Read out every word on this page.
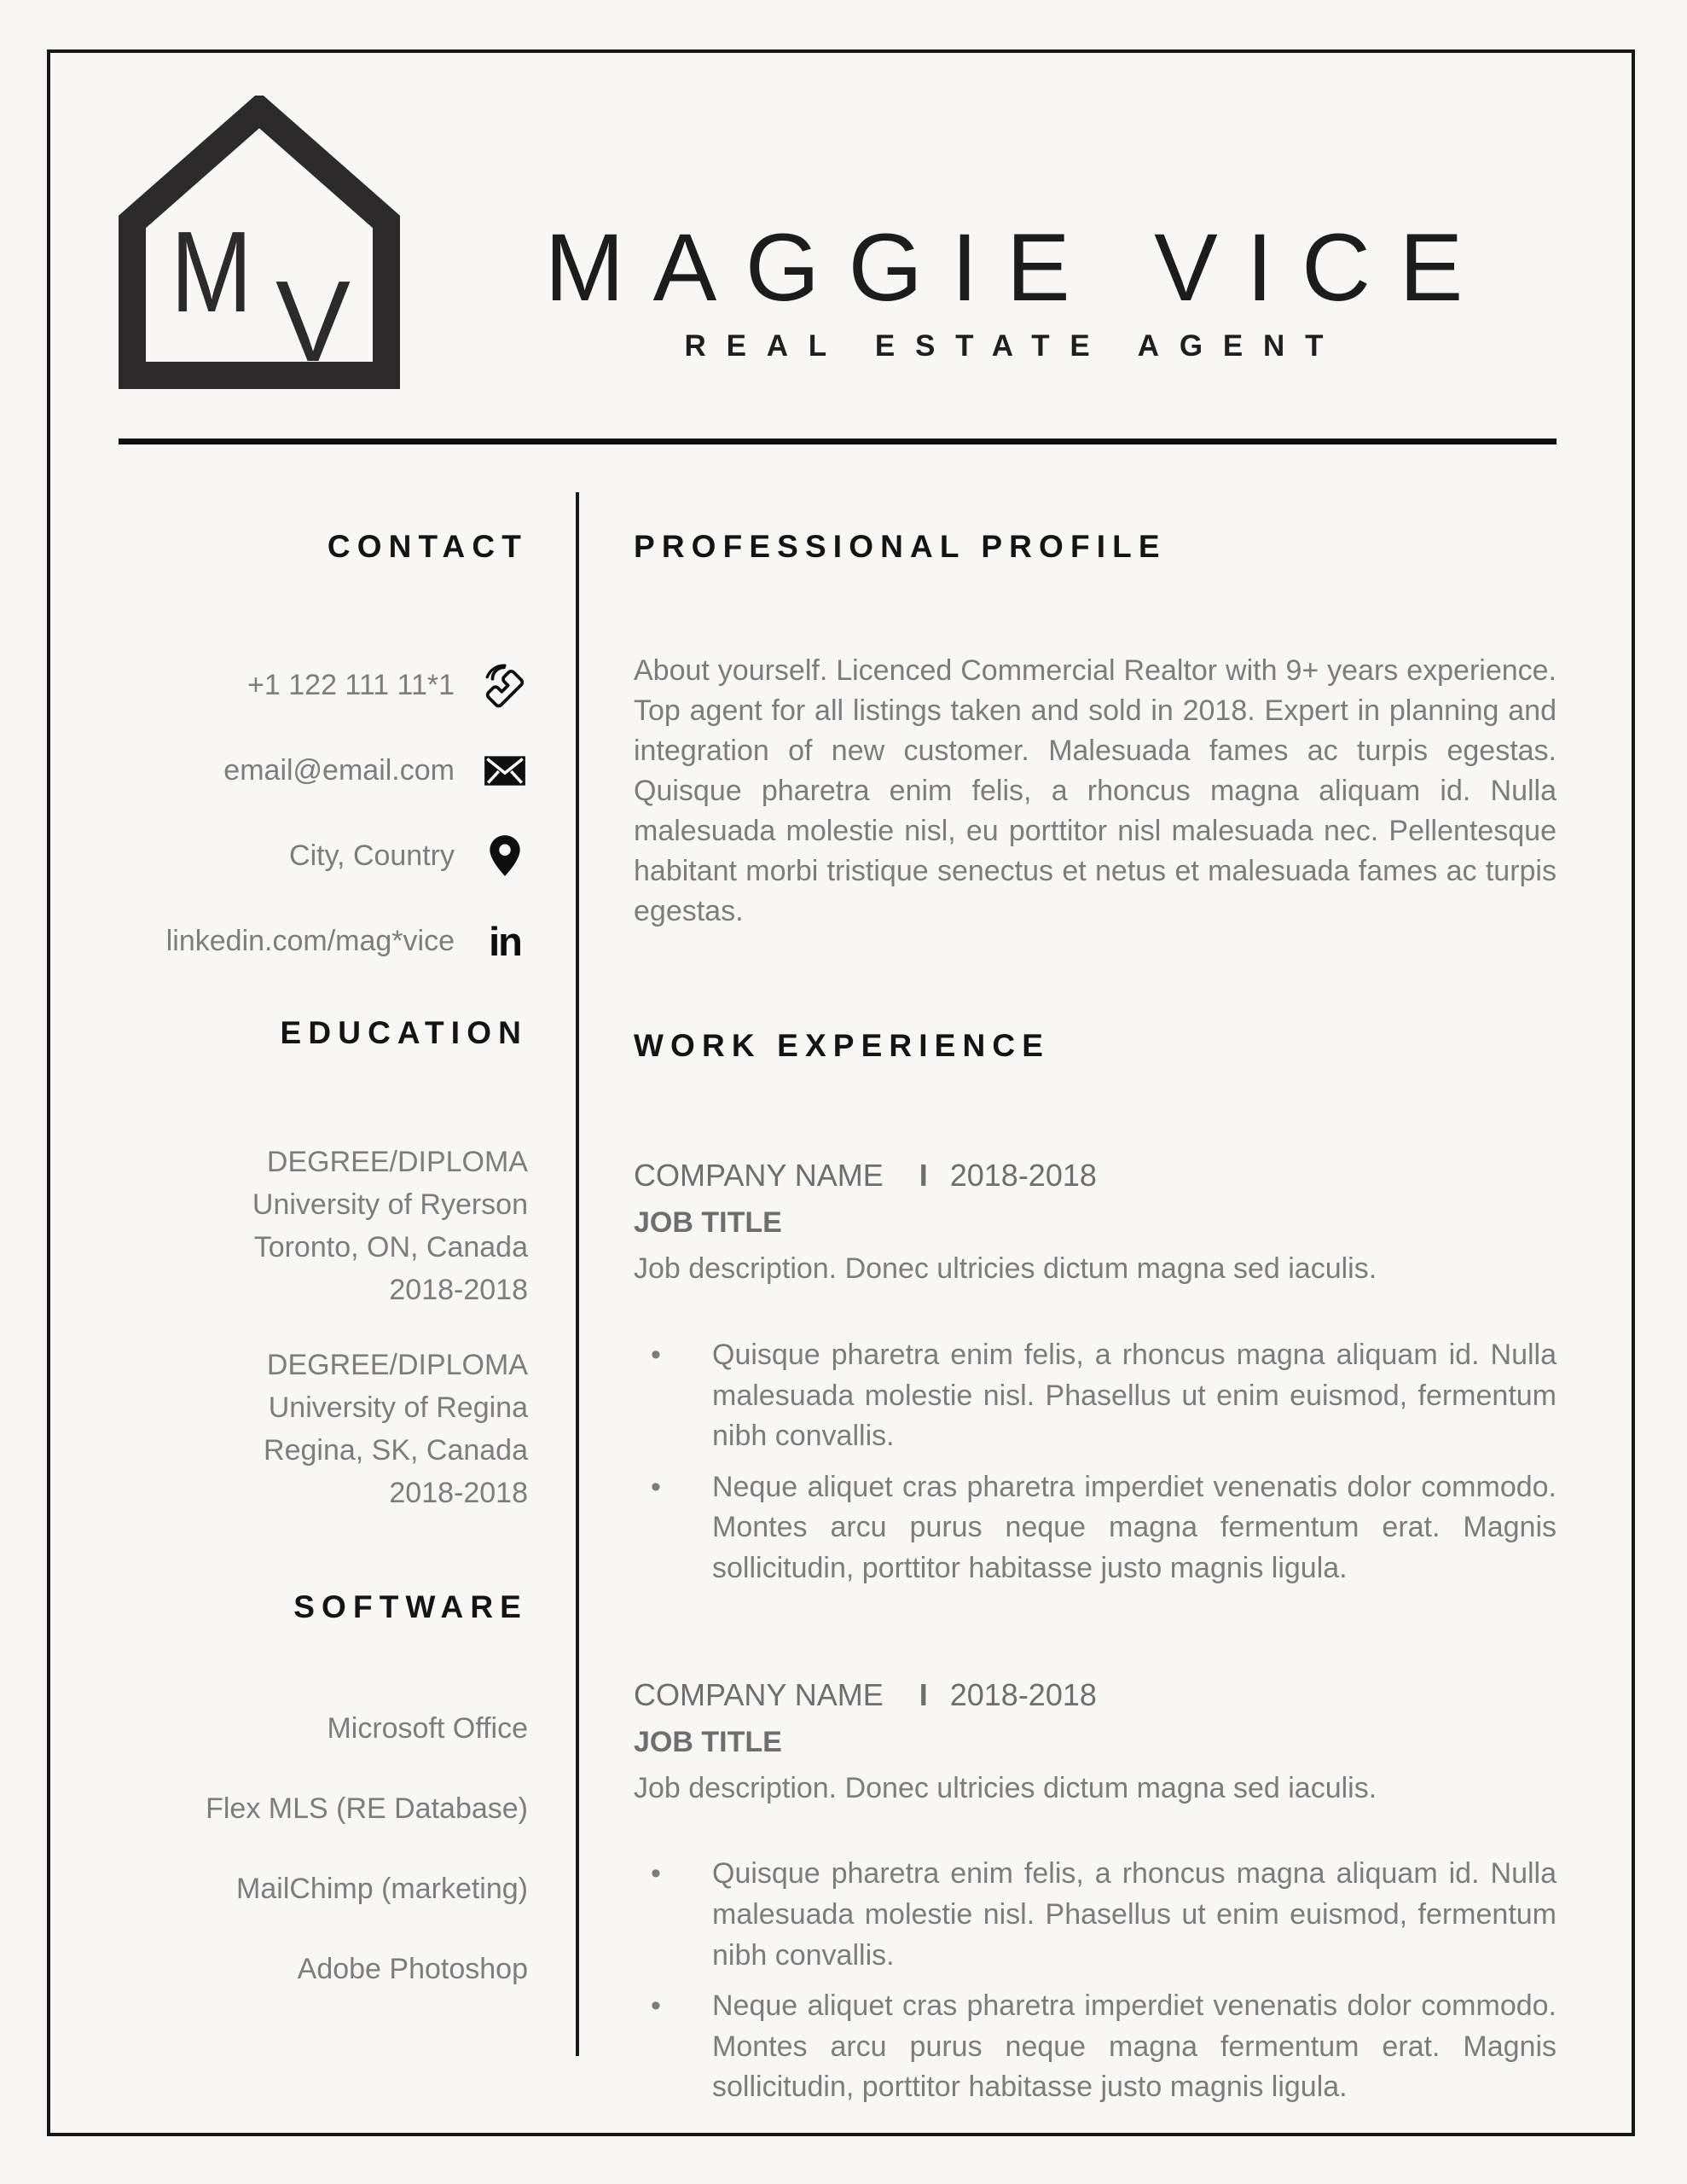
M V	MAGGIE VICE
REAL ESTATE AGENT
CONTACT
+1 122 111 11*1
email@email.com
City, Country
linkedin.com/mag*vice in
EDUCATION
DEGREE/DIPLOMA
University of Ryerson
Toronto, ON, Canada
2018-2018
DEGREE/DIPLOMA
University of Regina
Regina, SK, Canada
2018-2018
SOFTWARE
Microsoft Office
Flex MLS (RE Database)
MailChimp (marketing)
Adobe Photoshop
PROFESSIONAL PROFILE

About yourself. Licenced Commercial Realtor with 9+ years experience. Top agent for all listings taken and sold in 2018. Expert in planning and integration of new customer. Malesuada fames ac turpis egestas. Quisque pharetra enim felis, a rhoncus magna aliquam id. Nulla malesuada molestie nisl, eu porttitor nisl malesuada nec. Pellentesque habitant morbi tristique senectus et netus et malesuada fames ac turpis egestas.

WORK EXPERIENCE
COMPANY NAME I 2018-2018
JOB TITLE
Job description. Donec ultricies dictum magna sed iaculis.
• Quisque pharetra enim felis, a rhoncus magna aliquam id. Nulla malesuada molestie nisl. Phasellus ut enim euismod, fermentum nibh convallis.
• Neque aliquet cras pharetra imperdiet venenatis dolor commodo. Montes arcu purus neque magna fermentum erat. Magnis sollicitudin, porttitor habitasse justo magnis ligula.
COMPANY NAME I 2018-2018
JOB TITLE
Job description. Donec ultricies dictum magna sed iaculis.
• Quisque pharetra enim felis, a rhoncus magna aliquam id. Nulla malesuada molestie nisl. Phasellus ut enim euismod, fermentum nibh convallis.
• Neque aliquet cras pharetra imperdiet venenatis dolor commodo. Montes arcu purus neque magna fermentum erat. Magnis sollicitudin, porttitor habitasse justo magnis ligula.
